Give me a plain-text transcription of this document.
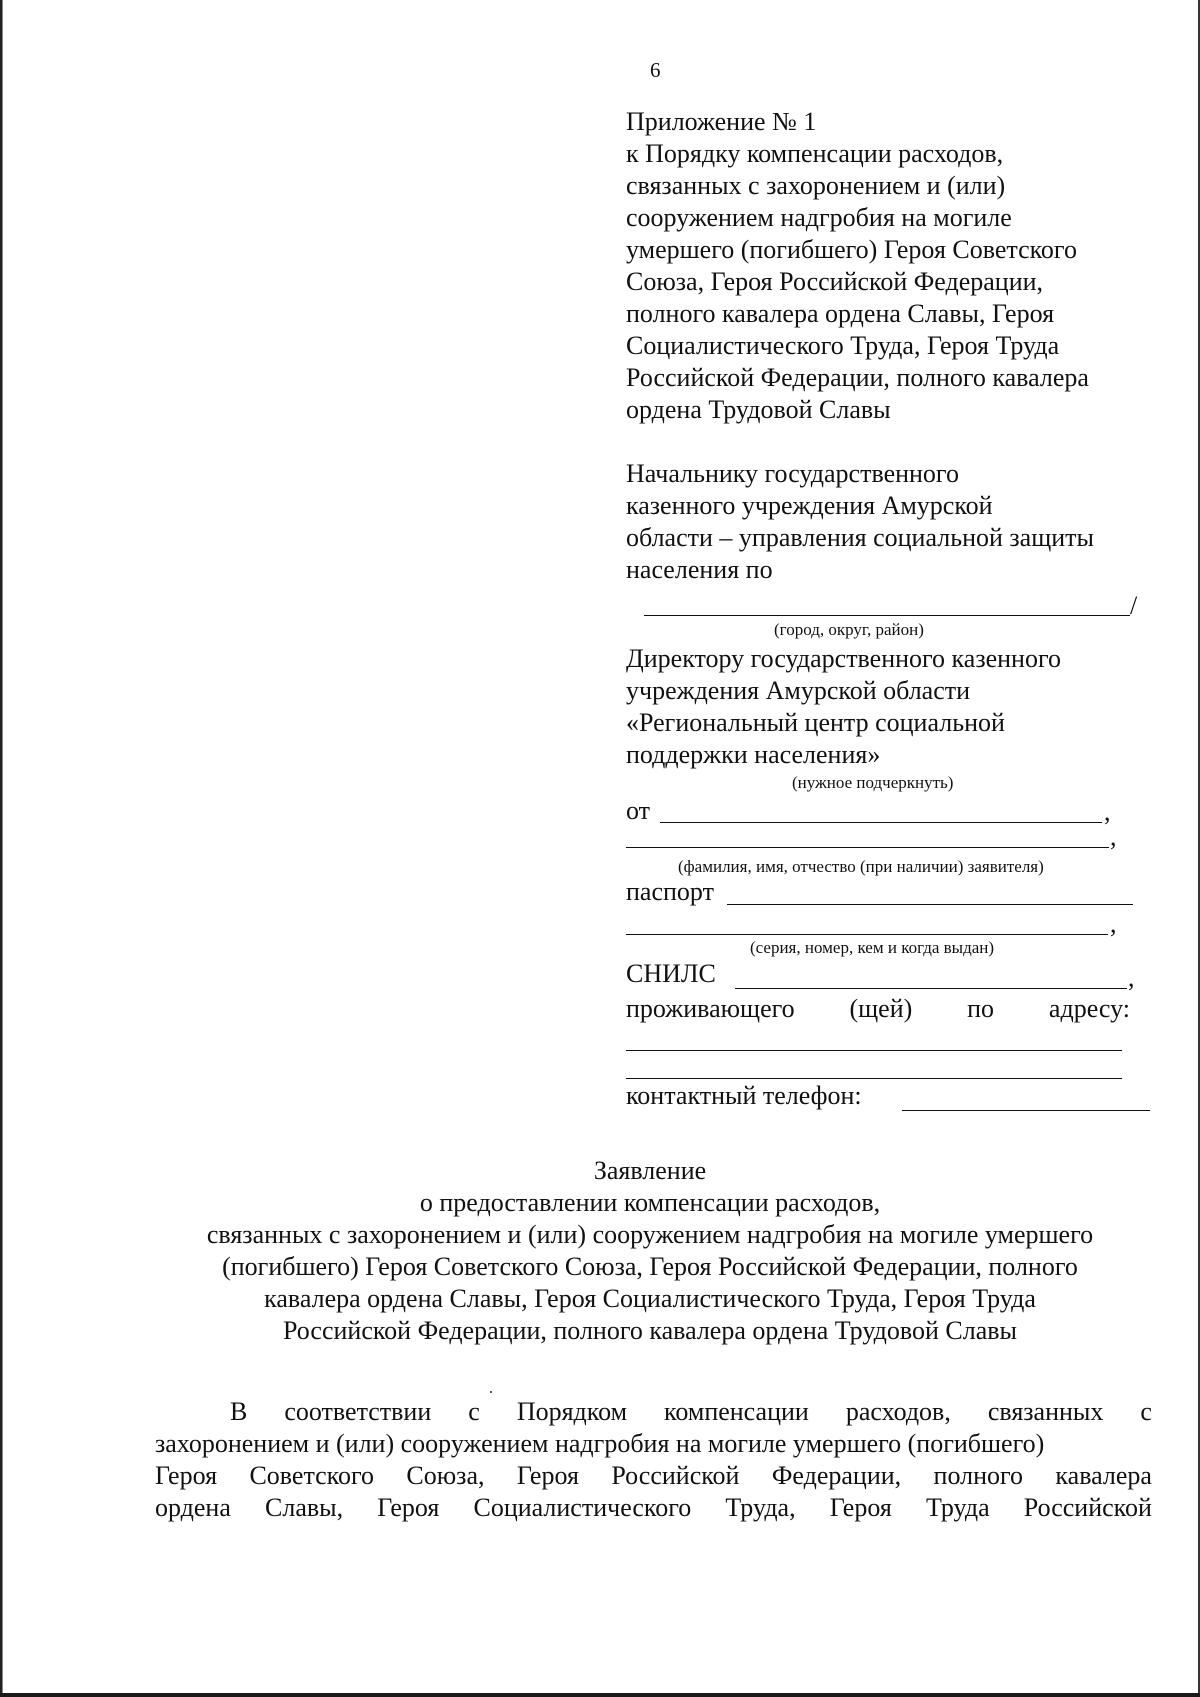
6
Приложение № 1
к Порядку компенсации расходов,
связанных с захоронением и (или)
сооружением надгробия на могиле
умершего (погибшего) Героя Советского
Союза, Героя Российской Федерации,
полного кавалера ордена Славы, Героя
Социалистического Труда, Героя Труда
Российской Федерации, полного кавалера
ордена Трудовой Славы
Начальнику государственного
казенного учреждения Амурской
области – управления социальной защиты
населения по
/
(город, округ, район)
Директору государственного казенного
учреждения Амурской области
«Региональный центр социальной
поддержки населения»
(нужное подчеркнуть)
от	,
,
(фамилия, имя, отчество (при наличии) заявителя)
паспорт
,
(серия, номер, кем и когда выдан)
СНИЛС	,
проживающего (щей) по адресу:
контактный телефон:
Заявление
о предоставлении компенсации расходов,
связанных с захоронением и (или) сооружением надгробия на могиле умершего
(погибшего) Героя Советского Союза, Героя Российской Федерации, полного
кавалера ордена Славы, Героя Социалистического Труда, Героя Труда
Российской Федерации, полного кавалера ордена Трудовой Славы
В соответствии с Порядком компенсации расходов, связанных с
захоронением и (или) сооружением надгробия на могиле умершего (погибшего)
Героя Советского Союза, Героя Российской Федерации, полного кавалера
ордена Славы, Героя Социалистического Труда, Героя Труда Российской
